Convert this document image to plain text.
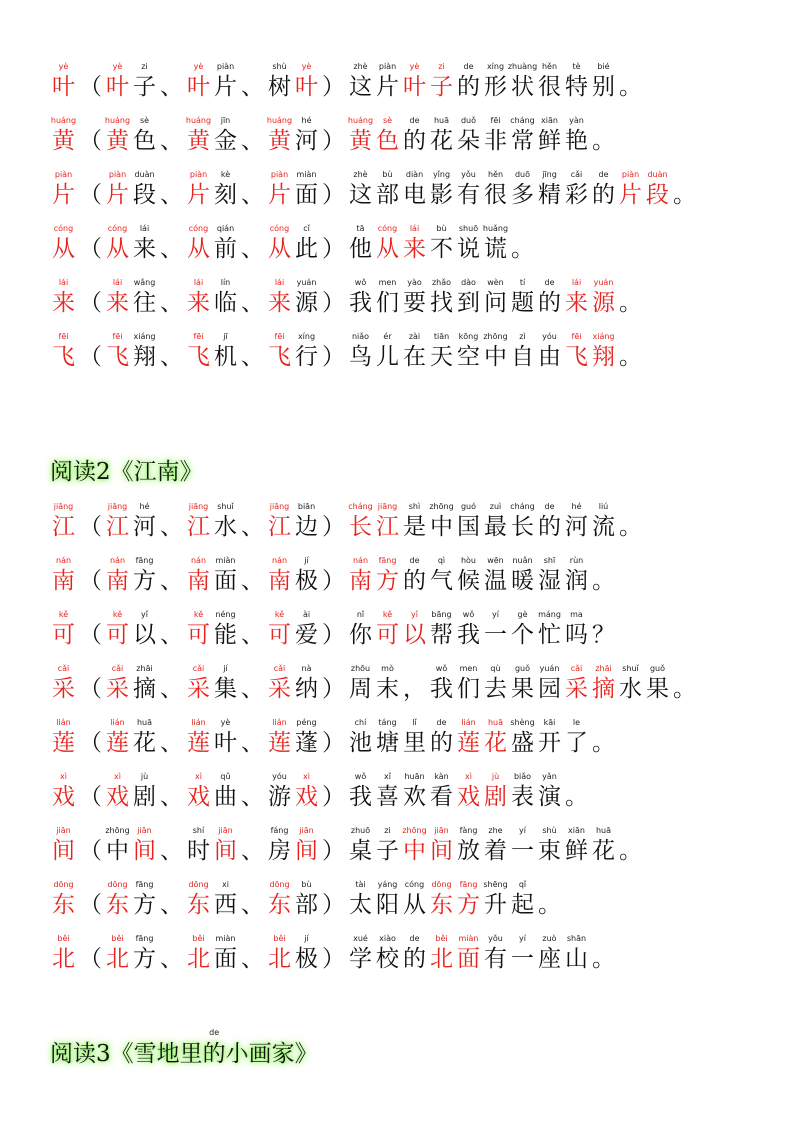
yè
叶 （
yè
叶
zi
子 、
yè
叶
piàn
片 、
shù
树
yè
叶 ）
zhè
这
piàn
片
yè
叶
zi
子
de
的
xíng
形
zhuàng
状
hěn
很
tè
特
bié
别 。
huáng
黄 （
huáng
黄
sè
色 、
huáng
黄
jīn
金 、
huáng
黄
hé
河 ）
huáng
黄
sè
色
de
的
huā
花
duǒ
朵
fēi
非
cháng
常
xiān
鲜
yàn
艳 。
piàn
片 （
piàn
片
duàn
段 、
piàn
片
kè
刻 、
piàn
片
miàn
面 ）
zhè
这
bù
部
diàn
电
yǐng
影
yǒu
有
hěn
很
duō
多
jīng
精
cǎi
彩
de
的
piàn
片
duàn
段 。
cóng
从 （
cóng
从
lái
来 、
cóng
从
qián
前 、
cóng
从
cǐ
此 ）
tā
他
cóng
从
lái
来
bù
不
shuō
说
huǎng
谎 。
lái
来 （
lái
来
wǎng
往 、
lái
来
lín
临 、
lái
来
yuán
源 ）
wǒ
我
men
们
yào
要
zhǎo
找
dào
到
wèn
问
tí
题
de
的
lái
来
yuán
源 。
fēi
飞 （
fēi
飞
xiáng
翔 、
fēi
飞
jī
机 、
fēi
飞
xíng
行 ）
niǎo
鸟
ér
儿
zài
在
tiān
天
kōng
空
zhōng
中
zì
自
yóu
由
fēi
飞
xiáng
翔 。
阅 读 2 《 江 南 》
jiāng
江 （
jiāng
江
hé
河 、
jiāng
江
shuǐ
水 、
jiāng
江
biān
边 ）
cháng
长
jiāng
江
shì
是
zhōng
中
guó
国
zuì
最
cháng
长
de
的
hé
河
liú
流 。
nán
南 （
nán
南
fāng
方 、
nán
南
miàn
面 、
nán
南
jí
极 ）
nán
南
fāng
方
de
的
qì
气
hòu
候
wēn
温
nuǎn
暖
shī
湿
rùn
润 。
kě
可 （
kě
可
yǐ
以 、
kě
可
néng
能 、
kě
可
ài
爱 ）
nǐ
你
kě
可
yǐ
以
bāng
帮
wǒ
我
yí
一
gè
个
máng
忙
ma
吗 ？
cǎi
采 （
cǎi
采
zhāi
摘 、
cǎi
采
jí
集 、
cǎi
采
nà
纳 ）
zhōu
周
mò
末 ，
wǒ
我
men
们
qù
去
guǒ
果
yuán
园
cǎi
采
zhāi
摘
shuǐ
水
guǒ
果 。
lián
莲 （
lián
莲
huā
花 、
lián
莲
yè
叶 、
lián
莲
péng
蓬 ）
chí
池
táng
塘
lǐ
里
de
的
lián
莲
huā
花
shèng
盛
kāi
开
le
了 。
xì
戏 （
xì
戏
jù
剧 、
xì
戏
qǔ
曲 、
yóu
游
xì
戏 ）
wǒ
我
xǐ
喜
huān
欢
kàn
看
xì
戏
jù
剧
biǎo
表
yǎn
演 。
jiān
间 （
zhōng
中
jiān
间 、
shí
时
jiān
间 、
fáng
房
jiān
间 ）
zhuō
桌
zi
子
zhōng
中
jiān
间
fàng
放
zhe
着
yí
一
shù
束
xiān
鲜
huā
花 。
dōng
东 （
dōng
东
fāng
方 、
dōng
东
xi
西 、
dōng
东
bù
部 ）
tài
太
yáng
阳
cóng
从
dōng
东
fāng
方
shēng
升
qǐ
起 。
běi
北 （
běi
北
fāng
方 、
běi
北
miàn
面 、
běi
北
jí
极 ）
xué
学
xiào
校
de
的
běi
北
miàn
面
yǒu
有
yí
一
zuò
座
shān
山 。
阅 读 3 《 雪 地 里
de
的 小 画 家 》
